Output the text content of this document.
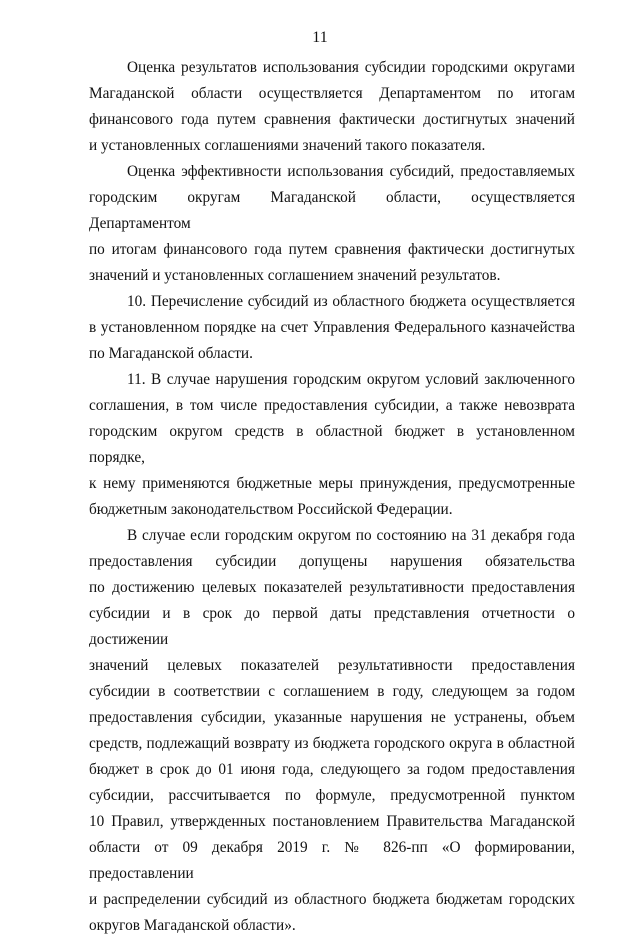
11
Оценка результатов использования субсидии городскими округами
Магаданской области осуществляется Департаментом по итогам
финансового года путем сравнения фактически достигнутых значений
и установленных соглашениями значений такого показателя.
Оценка эффективности использования субсидий, предоставляемых
городским округам Магаданской области, осуществляется Департаментом
по итогам финансового года путем сравнения фактически достигнутых
значений и установленных соглашением значений результатов.
10. Перечисление субсидий из областного бюджета осуществляется
в установленном порядке на счет Управления Федерального казначейства
по Магаданской области.
11. В случае нарушения городским округом условий заключенного
соглашения, в том числе предоставления субсидии, а также невозврата
городским округом средств в областной бюджет в установленном порядке,
к нему применяются бюджетные меры принуждения, предусмотренные
бюджетным законодательством Российской Федерации.
В случае если городским округом по состоянию на 31 декабря года
предоставления субсидии допущены нарушения обязательства
по достижению целевых показателей результативности предоставления
субсидии и в срок до первой даты представления отчетности о достижении
значений целевых показателей результативности предоставления
субсидии в соответствии с соглашением в году, следующем за годом
предоставления субсидии, указанные нарушения не устранены, объем
средств, подлежащий возврату из бюджета городского округа в областной
бюджет в срок до 01 июня года, следующего за годом предоставления
субсидии, рассчитывается по формуле, предусмотренной пунктом
10 Правил, утвержденных постановлением Правительства Магаданской
области от 09 декабря 2019 г. № 826-пп «О формировании, предоставлении
и распределении субсидий из областного бюджета бюджетам городских
округов Магаданской области».
